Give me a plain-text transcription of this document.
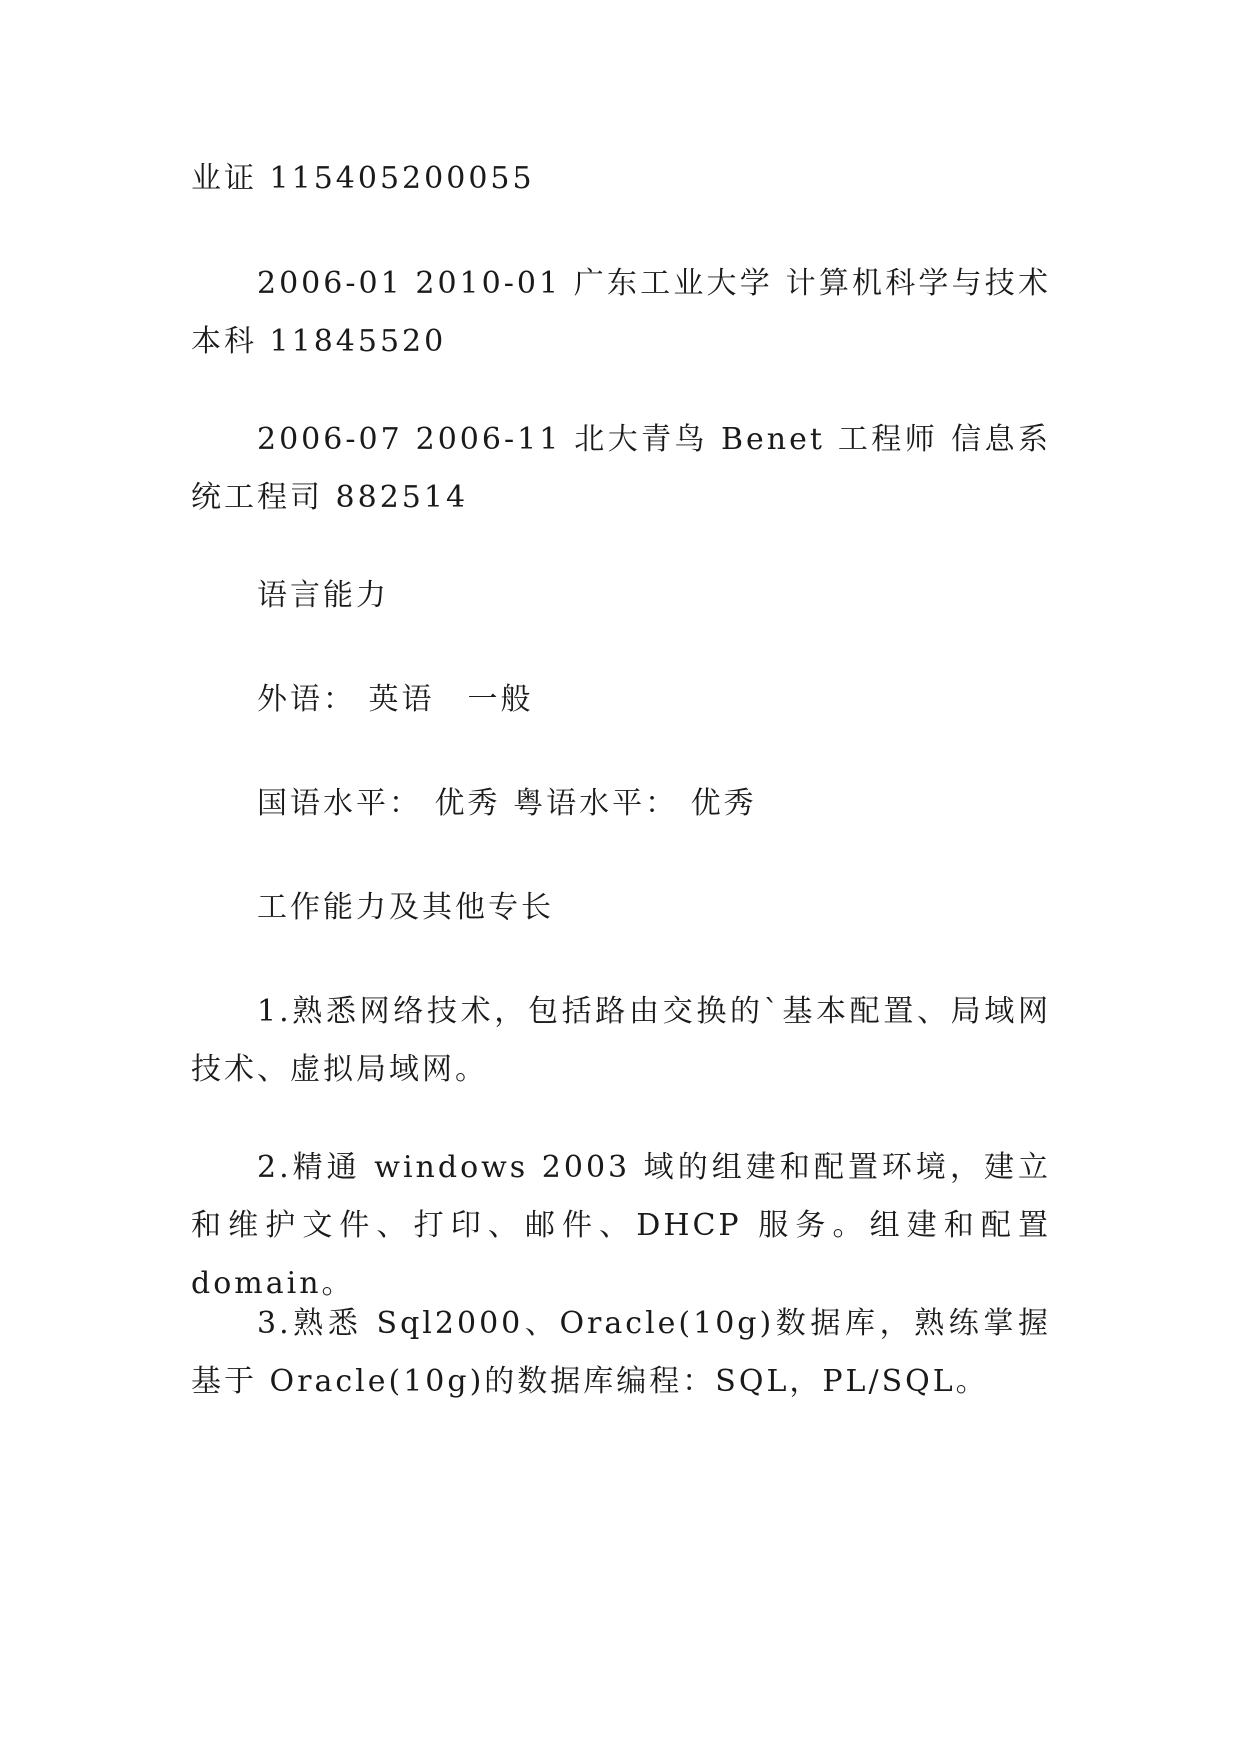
业证 115405200055

2006-01 2010-01 广东工业大学 计算机科学与技术 本科 11845520

2006-07 2006-11 北大青鸟 Benet 工程师 信息系统工程司 882514

语言能力

外语： 英语　一般

国语水平： 优秀 粤语水平： 优秀

工作能力及其他专长

1.熟悉网络技术，包括路由交换的`基本配置、局域网技术、虚拟局域网。

2.精通 windows 2003 域的组建和配置环境，建立和维护文件、打印、邮件、DHCP 服务。组建和配置 domain。

3.熟悉 Sql2000、Oracle(10g)数据库，熟练掌握基于 Oracle(10g)的数据库编程：SQL，PL/SQL。
